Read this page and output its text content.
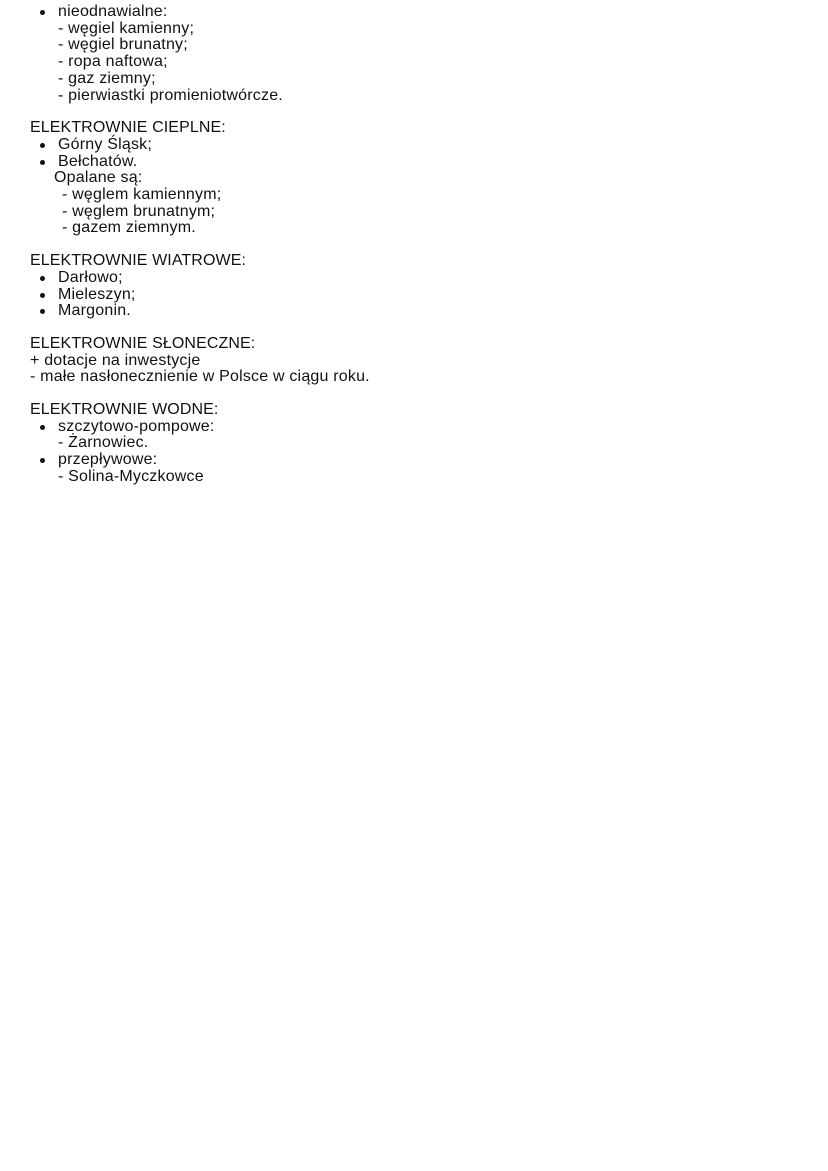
nieodnawialne:
- węgiel kamienny;
- węgiel brunatny;
- ropa naftowa;
- gaz ziemny;
- pierwiastki promieniotwórcze.
ELEKTROWNIE CIEPLNE:
Górny Śląsk;
Bełchatów.
Opalane są:
- węglem kamiennym;
- węglem brunatnym;
- gazem ziemnym.
ELEKTROWNIE WIATROWE:
Darłowo;
Mieleszyn;
Margonin.
ELEKTROWNIE SŁONECZNE:
+ dotacje na inwestycje
- małe nasłonecznienie w Polsce w ciągu roku.
ELEKTROWNIE WODNE:
szczytowo-pompowe:
- Żarnowiec.
przepływowe:
- Solina-Myczkowce
